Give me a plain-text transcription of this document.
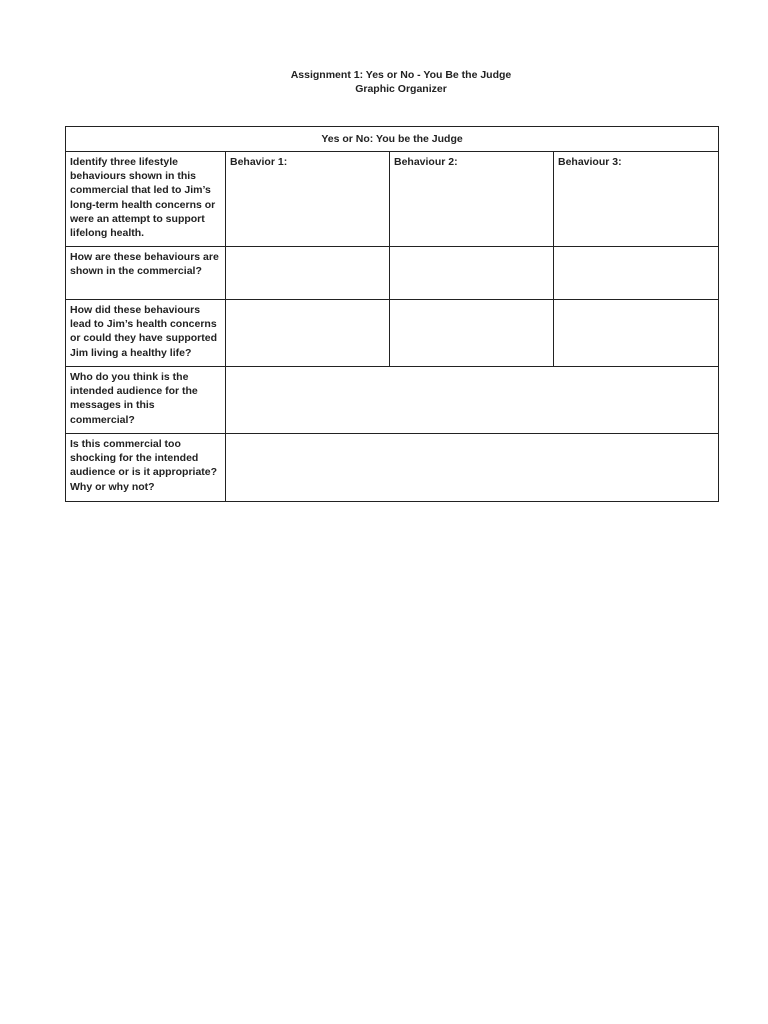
Assignment 1: Yes or No - You Be the Judge
Graphic Organizer
Yes or No: You be the Judge			
Identify three lifestyle behaviours shown in this commercial that led to Jim’s long-term health concerns or were an attempt to support lifelong health.	Behavior 1:	Behaviour 2:	Behaviour 3:
How are these behaviours are shown in the commercial?			
How did these behaviours lead to Jim’s health concerns or could they have supported Jim living a healthy life?			
Who do you think is the intended audience for the messages in this commercial?			
Is this commercial too shocking for the intended audience or is it appropriate? Why or why not?			
